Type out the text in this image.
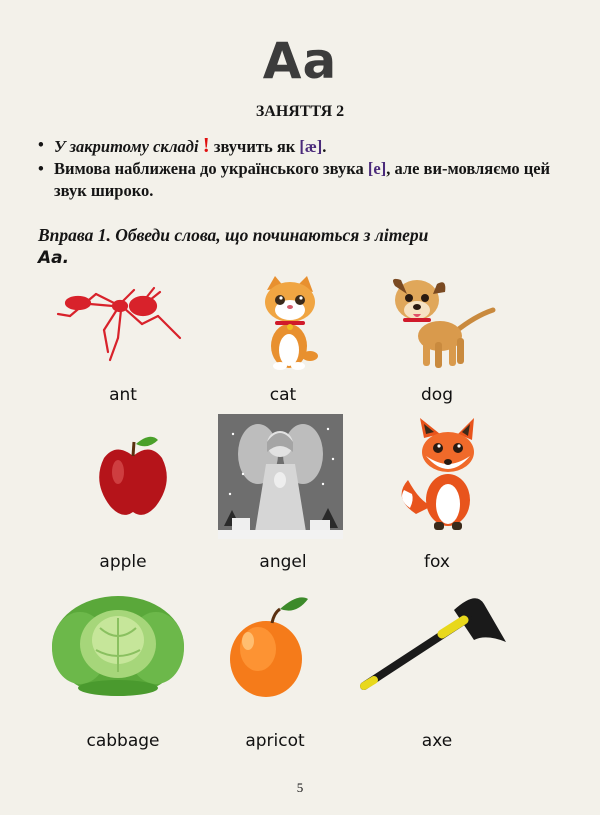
Aa
ЗАНЯТТЯ 2
• У закритому складі ! звучить як [æ].
• Вимова наближена до українського звука [e], але ви-мовляємо цей звук широко.
Вправа 1. Обведи слова, що починаються з літери
Aa.
ant	cat	dog
apple	angel	fox
cabbage	apricot	axe
5
